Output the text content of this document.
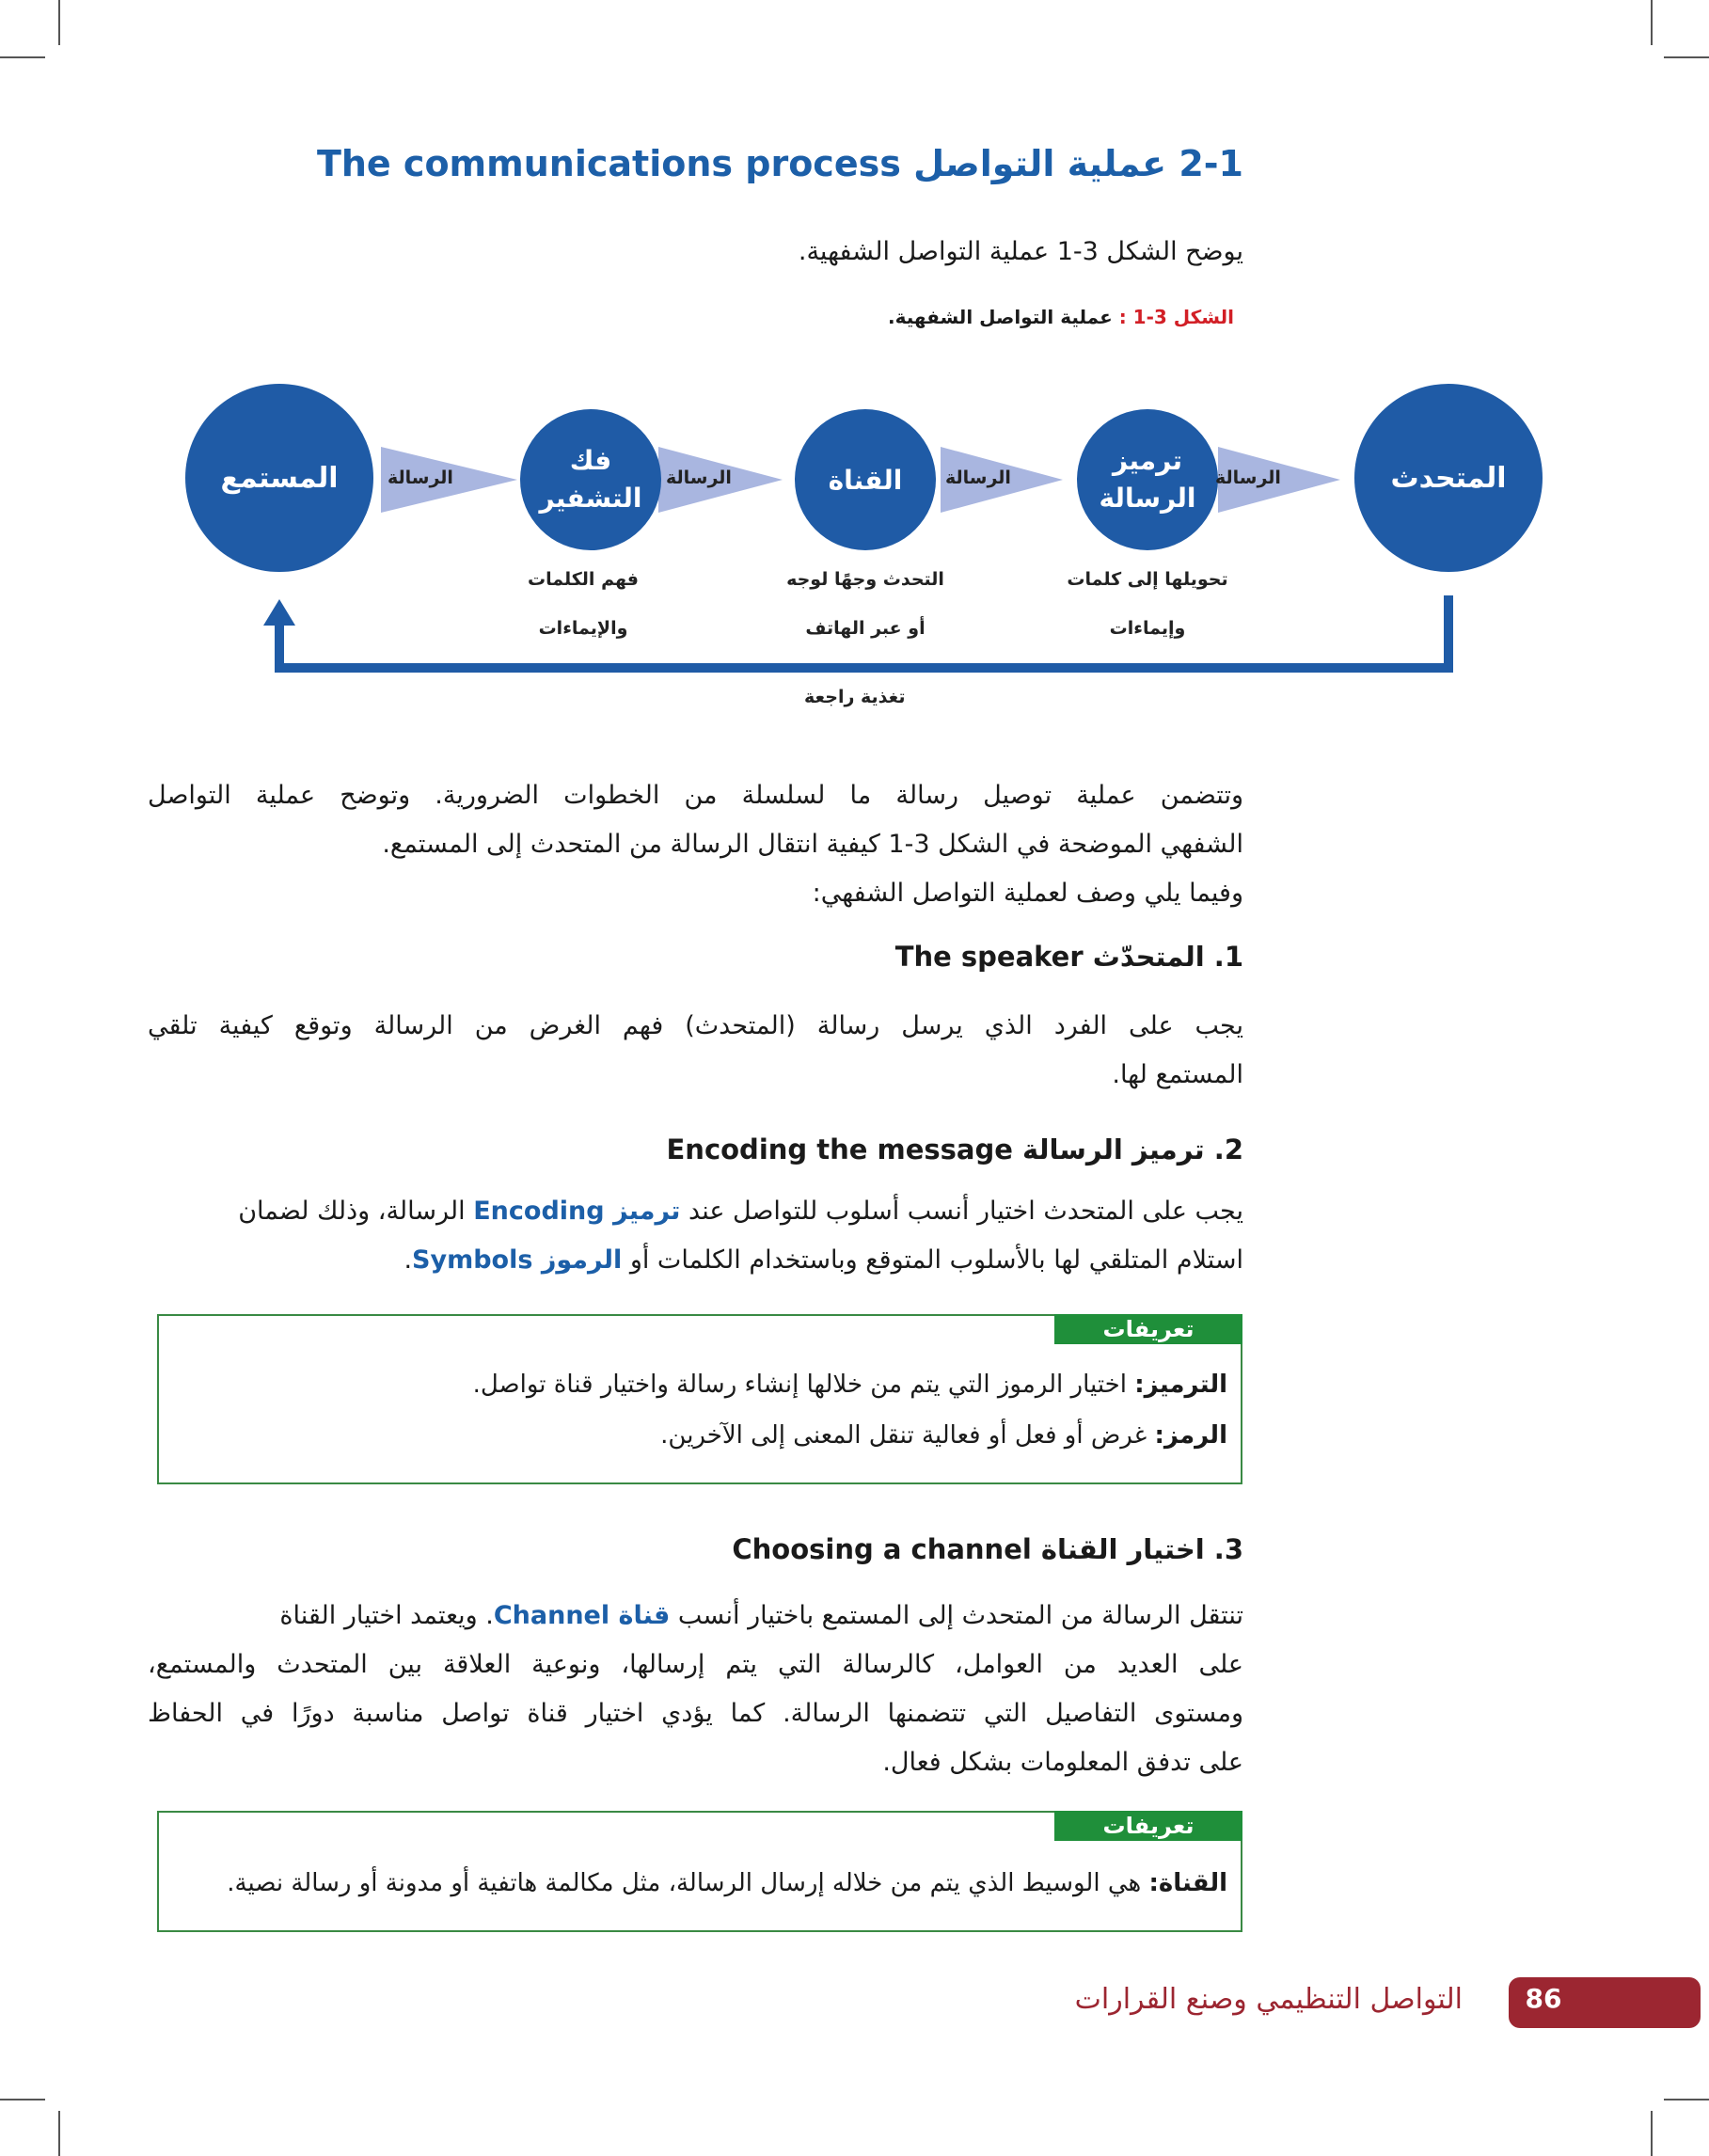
2-1 عملية التواصل The communications process
يوضح الشكل 3-1 عملية التواصل الشفهية.
الشكل 3-1 : عملية التواصل الشفهية.
المتحدث
ترميز الرسالة
القناة
فك التشفير
المستمع	الرسالة
الرسالة
الرسالة
الرسالة
تحويلها إلى كلمات
وإيماءات
التحدث وجهًا لوجه
أو عبر الهاتف
فهم الكلمات
والإيماءات
تغذية راجعة
وتتضمن عملية توصيل رسالة ما لسلسلة من الخطوات الضرورية. وتوضح عملية التواصل
الشفهي الموضحة في الشكل 3-1 كيفية انتقال الرسالة من المتحدث إلى المستمع.
وفيما يلي وصف لعملية التواصل الشفهي:
1. المتحدّث The speaker
يجب على الفرد الذي يرسل رسالة (المتحدث) فهم الغرض من الرسالة وتوقع كيفية تلقي
المستمع لها.
2. ترميز الرسالة Encoding the message
يجب على المتحدث اختيار أنسب أسلوب للتواصل عند ترميز Encoding الرسالة، وذلك لضمان
استلام المتلقي لها بالأسلوب المتوقع وباستخدام الكلمات أو الرموز Symbols.
تعريفات
الترميز: اختيار الرموز التي يتم من خلالها إنشاء رسالة واختيار قناة تواصل.
الرمز: غرض أو فعل أو فعالية تنقل المعنى إلى الآخرين.
3. اختيار القناة Choosing a channel
تنتقل الرسالة من المتحدث إلى المستمع باختيار أنسب قناة Channel. ويعتمد اختيار القناة
على العديد من العوامل، كالرسالة التي يتم إرسالها، ونوعية العلاقة بين المتحدث والمستمع،
ومستوى التفاصيل التي تتضمنها الرسالة. كما يؤدي اختيار قناة تواصل مناسبة دورًا في الحفاظ
على تدفق المعلومات بشكل فعال.
تعريفات
القناة: هي الوسيط الذي يتم من خلاله إرسال الرسالة، مثل مكالمة هاتفية أو مدونة أو رسالة نصية.
86
التواصل التنظيمي وصنع القرارات
